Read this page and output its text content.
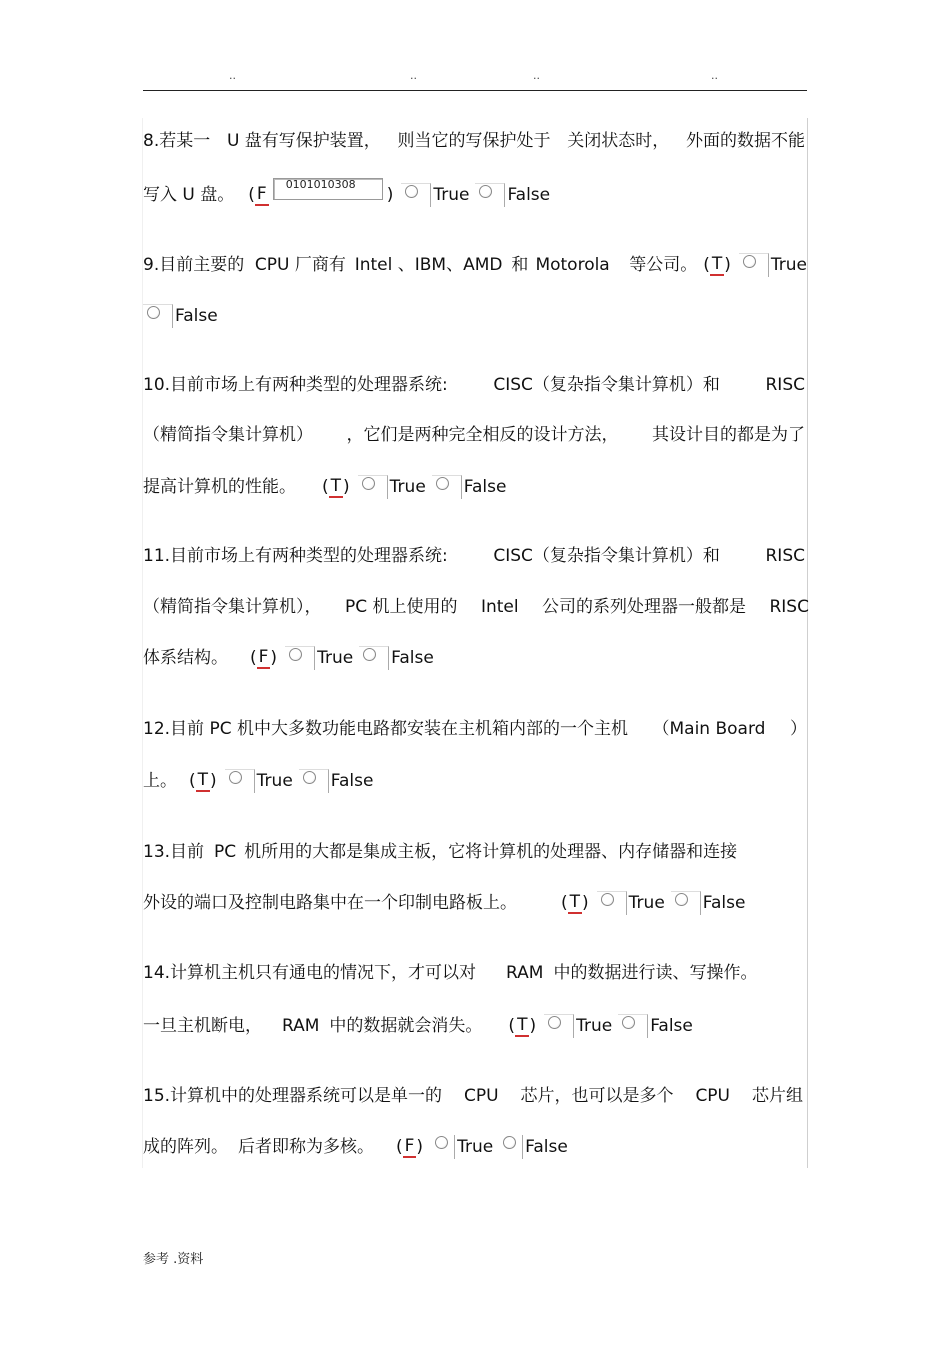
..	..	..	..
8.若某一 U 盘有写保护装置， 则当它的写保护处于 关闭状态时， 外面的数据不能
写入 U 盘。 ( F	0101010308
) True False
9.目前主要的 CPU 厂商有 Intel 、IBM、AMD 和 Motorola 等公司。 ( T ) True
False
10.目前市场上有两种类型的处理器系统:	CISC（复杂指令集计算机）和	RISC
（精简指令集计算机） ，它们是两种完全相反的设计方法， 其设计目的都是为了
提高计算机的性能。 ( T ) True False
11.目前市场上有两种类型的处理器系统:	CISC（复杂指令集计算机）和	RISC
（精简指令集计算机）， PC 机上使用的 Intel 公司的系列处理器一般都是 RISC
体系结构。 ( F ) True False
12.目前 PC 机中大多数功能电路都安装在主机箱内部的一个主机 （Main Board ）
上。 ( T ) True False
13.目前 PC 机所用的大都是集成主板，它将计算机的处理器、内存储器和连接
外设的端口及控制电路集中在一个印制电路板上。	( T ) True False
14.计算机主机只有通电的情况下，才可以对 RAM 中的数据进行读、写操作。
一旦主机断电， RAM 中的数据就会消失。 ( T ) True False
15.计算机中的处理器系统可以是单一的 CPU 芯片，也可以是多个 CPU 芯片组
成的阵列。 后者即称为多核。 ( F ) True False
参考 .资料
